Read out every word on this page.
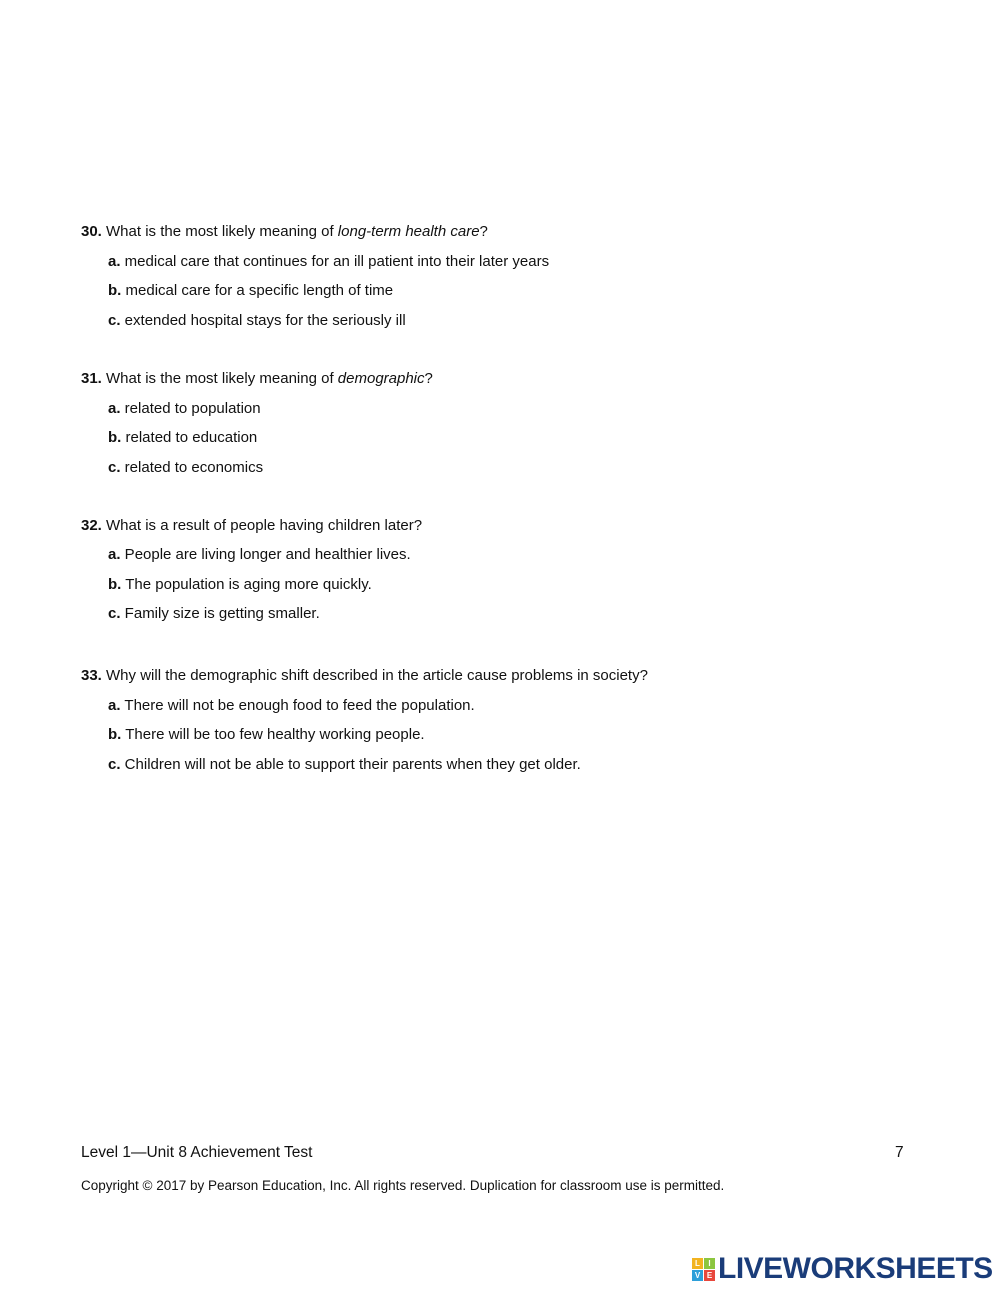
30. What is the most likely meaning of long-term health care?
a. medical care that continues for an ill patient into their later years
b. medical care for a specific length of time
c. extended hospital stays for the seriously ill
31. What is the most likely meaning of demographic?
a. related to population
b. related to education
c. related to economics
32. What is a result of people having children later?
a. People are living longer and healthier lives.
b. The population is aging more quickly.
c. Family size is getting smaller.
33. Why will the demographic shift described in the article cause problems in society?
a. There will not be enough food to feed the population.
b. There will be too few healthy working people.
c. Children will not be able to support their parents when they get older.
Level 1—Unit 8 Achievement Test	7
Copyright © 2017 by Pearson Education, Inc. All rights reserved. Duplication for classroom use is permitted.
L	I
V E LIVEWORKSHEETS
